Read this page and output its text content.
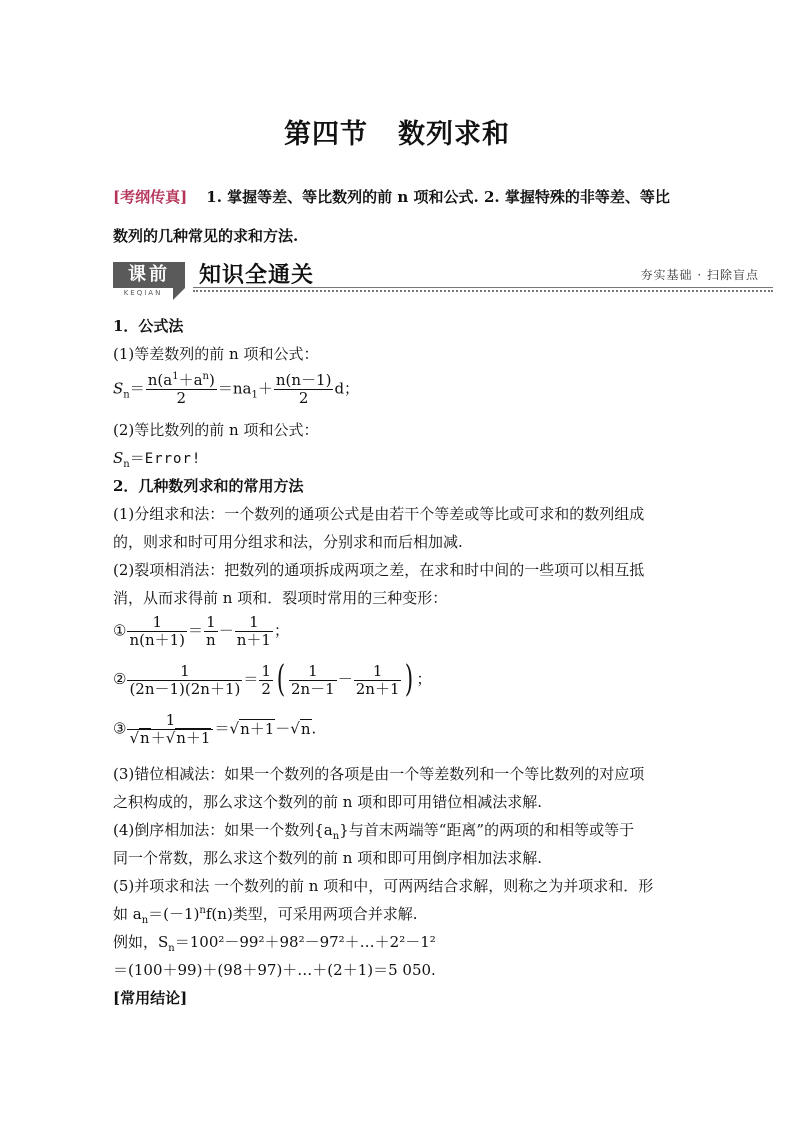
第四节 数列求和
[考纲传真] 1. 掌握等差、等比数列的前 n 项和公式. 2. 掌握特殊的非等差、等比
数列的几种常见的求和方法.
课前
KEQIAN
知识全通关	夯实基础 · 扫除盲点
1．公式法
(1)等差数列的前 n 项和公式：
$S_n= \frac{n(a^1+a^n)}{2} =na_1+ \frac{n(n-1)}{2}$ d；
(2)等比数列的前 n 项和公式：
$S_n=Error$!
2．几种数列求和的常用方法
(1)分组求和法：一个数列的通项公式是由若干个等差或等比或可求和的数列组成
的，则求和时可用分组求和法，分别求和而后相加减.
(2)裂项相消法：把数列的通项拆成两项之差，在求和时中间的一些项可以相互抵
消，从而求得前 n 项和．裂项时常用的三种变形：
① $\frac{1}{n(n+1)} = \frac{1}{n} - \frac{1}{n+1}$ ；
② $\frac{1}{(2n-1)(2n+1)} = \frac{1}{2}$ ( $\frac{1}{2n-1} - \frac{1}{2n+1}$ ) ；
③ $\frac{1}{√n+√n+1} =√n+1-√n$.
(3)错位相减法：如果一个数列的各项是由一个等差数列和一个等比数列的对应项
之积构成的，那么求这个数列的前 n 项和即可用错位相减法求解.
(4)倒序相加法：如果一个数列$\{a_n\}$与首末两端等“距离”的两项的和相等或等于
同一个常数，那么求这个数列的前 n 项和即可用倒序相加法求解.
(5)并项求和法 一个数列的前 n 项和中，可两两结合求解，则称之为并项求和．形
如 $a_n=(-1)^nf(n)$类型，可采用两项合并求解.
例如，$S_n=100^2-99^2+98^2-97^2+\dots+2^2-1^2$
＝(100＋99)＋(98＋97)＋…＋(2＋1)＝5 050.
[常用结论]
